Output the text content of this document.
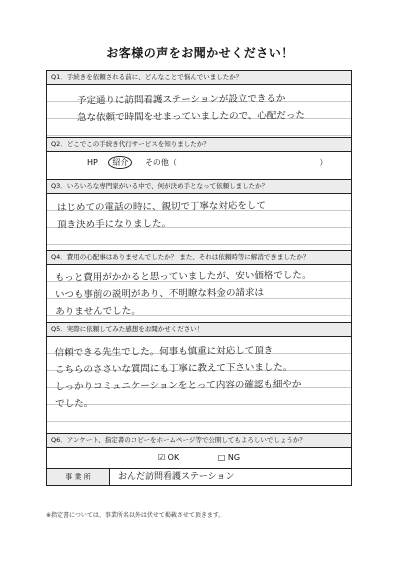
お客様の声をお聞かせください！
Q1．手続きを依頼される前に、どんなことで悩んでいましたか？
予定通りに訪問看護ステーションが設立できるか
急な依頼で時間をせまっていましたので、心配だった
Q2．どこでこの手続き代行サービスを知りましたか？
HP 紹介 その他（	）
Q3．いろいろな専門家がいる中で、何が決め手となって依頼しましたか？
はじめての電話の時に、親切で丁寧な対応をして
頂き決め手になりました。
Q4．費用の心配事はありませんでしたか？ また、それは依頼時等に解消できましたか？
もっと費用がかかると思っていましたが、安い価格でした。
いつも事前の説明があり、不明瞭な料金の請求は
ありませんでした。
Q5．実際に依頼してみた感想をお聞かせください！
信頼できる先生でした。何事も慎重に対応して頂き
こちらのささいな質問にも丁寧に教えて下さいました。
しっかりコミュニケーションをとって内容の確認も細やか
でした。
Q6．アンケート、指定書のコピーをホームページ等で公開してもよろしいでしょうか？
☑ OK	□ NG
事 業 所	おんだ訪問看護ステーション
※指定書については、事業所名以外は伏せて掲載させて頂きます。
